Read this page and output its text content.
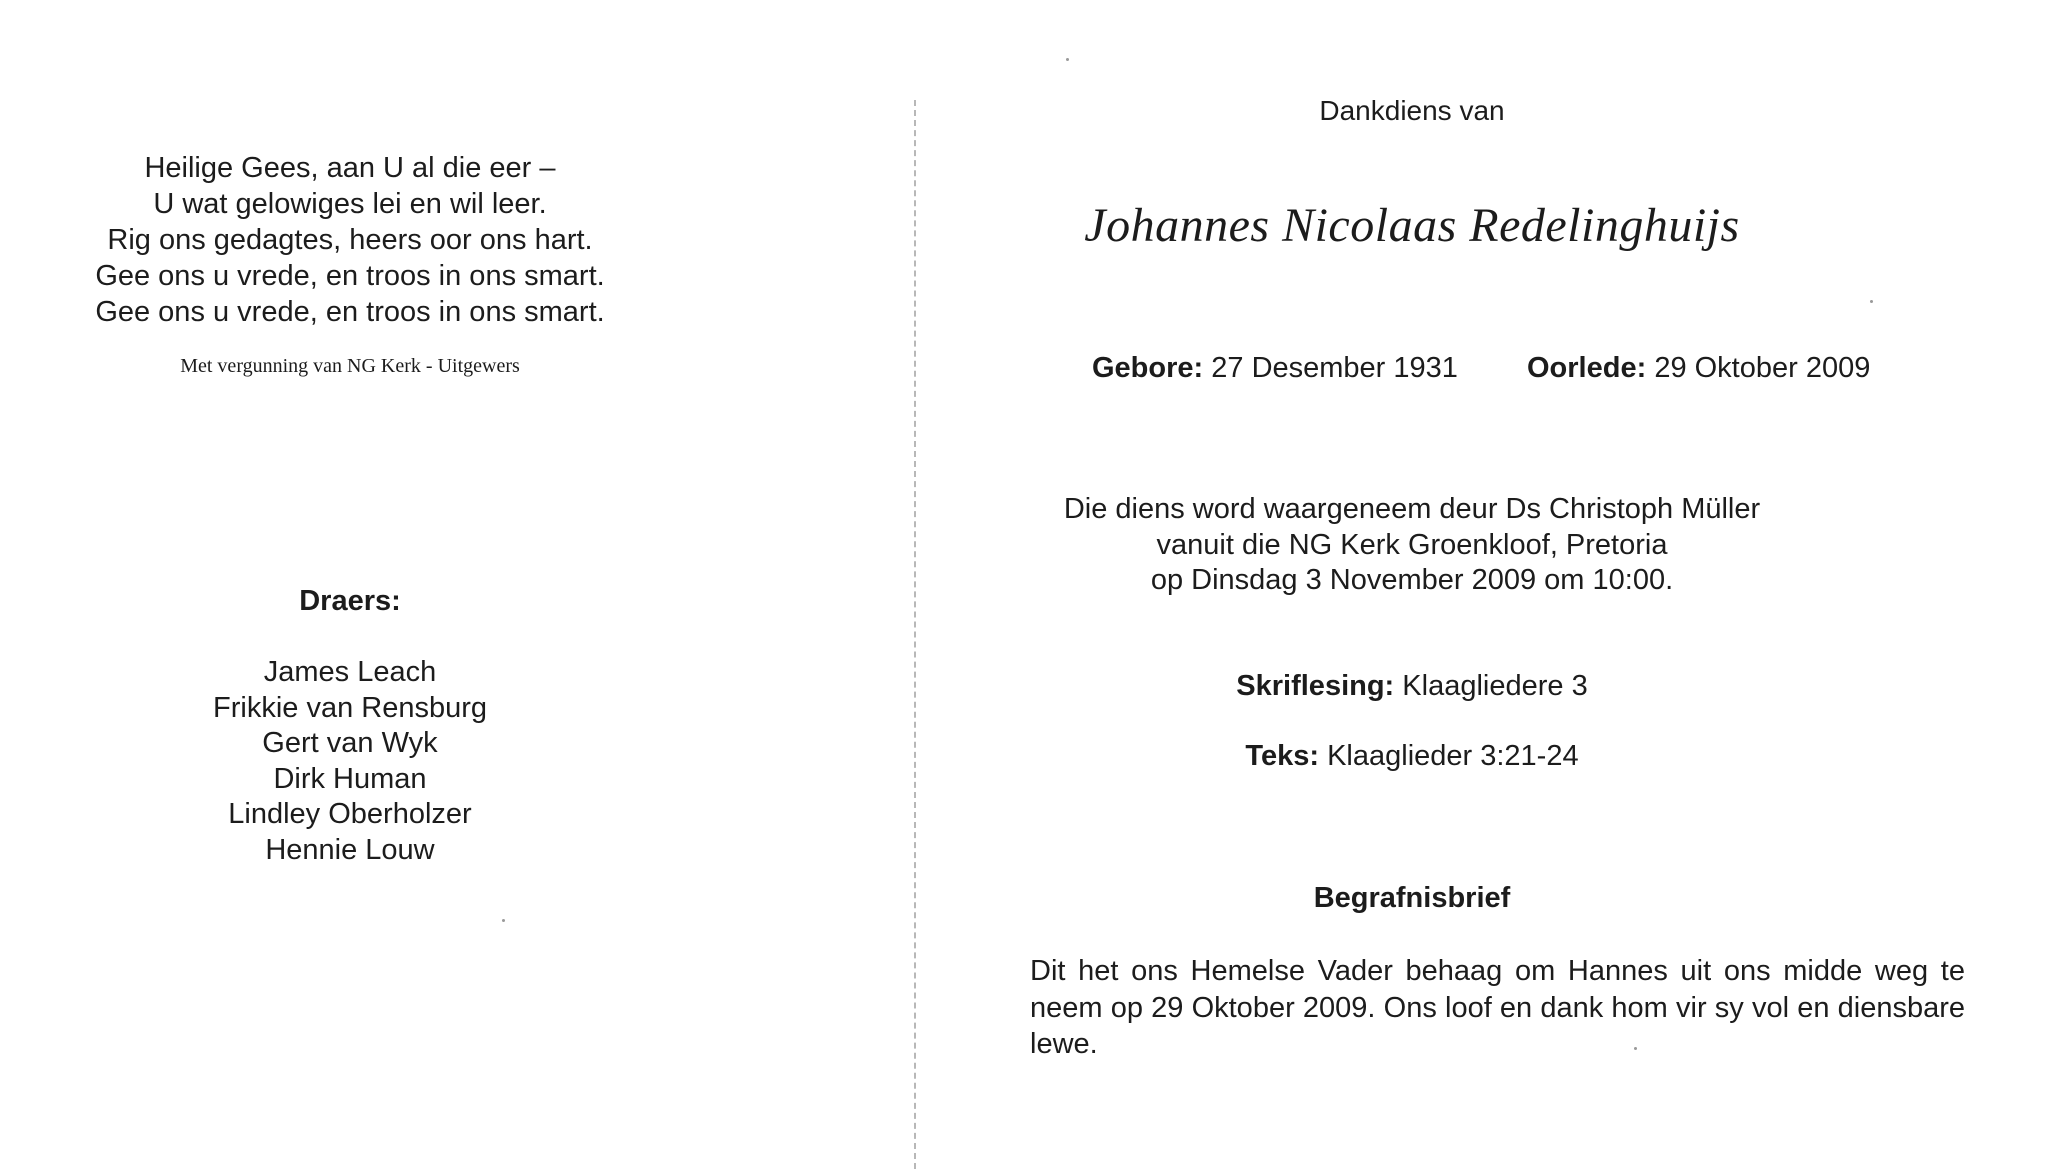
Heilige Gees, aan U al die eer –
U wat gelowiges lei en wil leer.
Rig ons gedagtes, heers oor ons hart.
Gee ons u vrede, en troos in ons smart.
Gee ons u vrede, en troos in ons smart.
Met vergunning van NG Kerk - Uitgewers
Draers:
James Leach
Frikkie van Rensburg
Gert van Wyk
Dirk Human
Lindley Oberholzer
Hennie Louw
Dankdiens van
Johannes Nicolaas Redelinghuijs
Gebore: 27 Desember 1931 Oorlede: 29 Oktober 2009
Die diens word waargeneem deur Ds Christoph Müller
vanuit die NG Kerk Groenkloof, Pretoria
op Dinsdag 3 November 2009 om 10:00.
Skriflesing: Klaagliedere 3
Teks: Klaaglieder 3:21-24
Begrafnisbrief
Dit het ons Hemelse Vader behaag om Hannes uit ons midde weg te neem op 29 Oktober 2009. Ons loof en dank hom vir sy vol en diensbare lewe.
